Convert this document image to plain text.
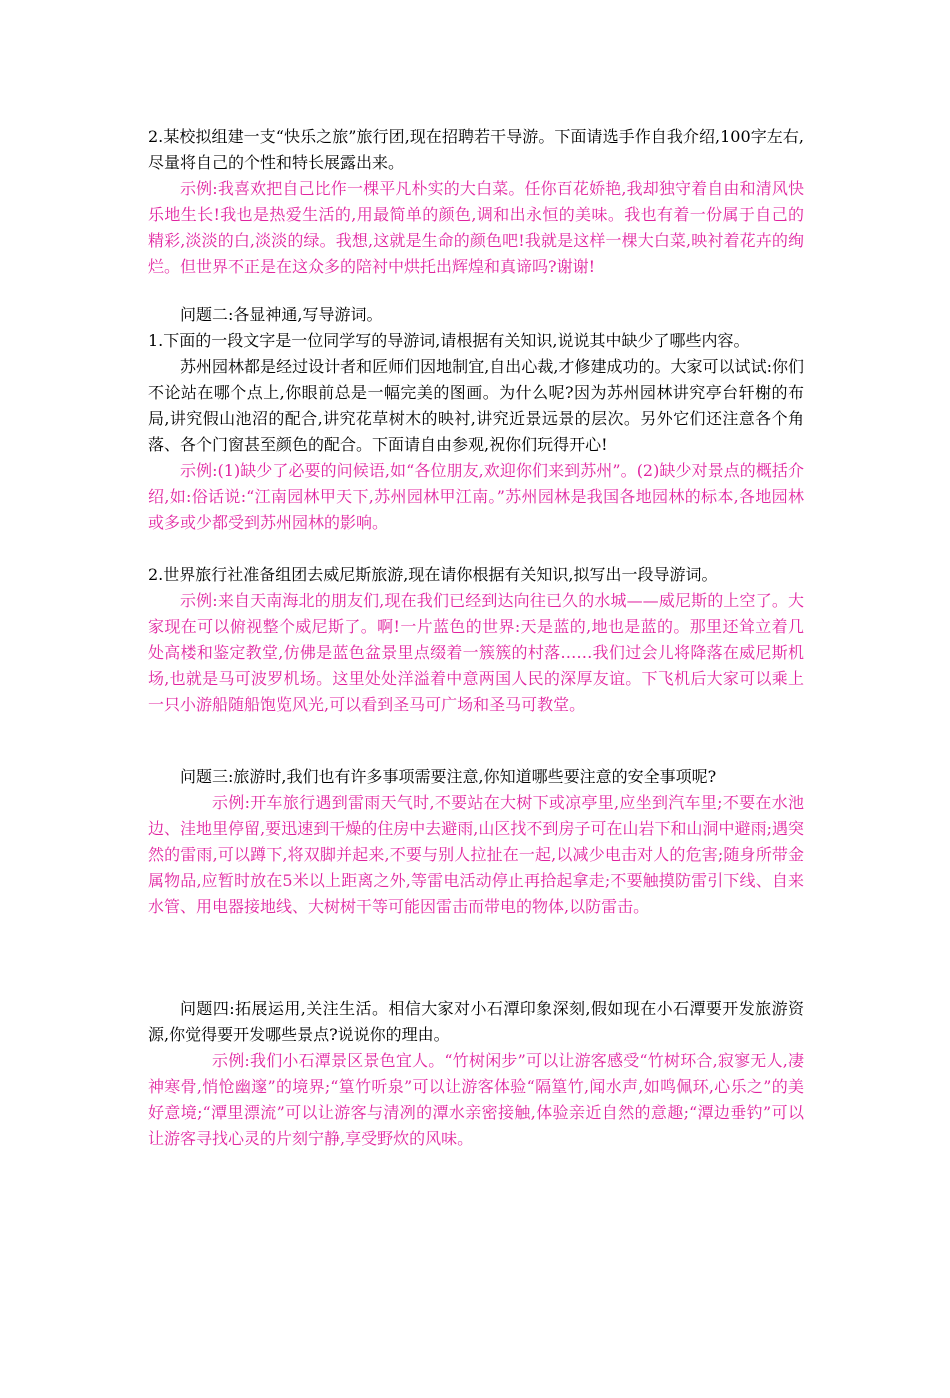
2.某校拟组建一支“快乐之旅”旅行团,现在招聘若干导游。下面请选手作自我介绍,100字左右,尽量将自己的个性和特长展露出来。

示例:我喜欢把自己比作一棵平凡朴实的大白菜。任你百花娇艳,我却独守着自由和清风快乐地生长!我也是热爱生活的,用最简单的颜色,调和出永恒的美味。我也有着一份属于自己的精彩,淡淡的白,淡淡的绿。我想,这就是生命的颜色吧!我就是这样一棵大白菜,映衬着花卉的绚烂。但世界不正是在这众多的陪衬中烘托出辉煌和真谛吗?谢谢!

问题二:各显神通,写导游词。

1.下面的一段文字是一位同学写的导游词,请根据有关知识,说说其中缺少了哪些内容。

苏州园林都是经过设计者和匠师们因地制宜,自出心裁,才修建成功的。大家可以试试:你们不论站在哪个点上,你眼前总是一幅完美的图画。为什么呢?因为苏州园林讲究亭台轩榭的布局,讲究假山池沼的配合,讲究花草树木的映衬,讲究近景远景的层次。另外它们还注意各个角落、各个门窗甚至颜色的配合。下面请自由参观,祝你们玩得开心!

示例:(1)缺少了必要的问候语,如“各位朋友,欢迎你们来到苏州”。(2)缺少对景点的概括介绍,如:俗话说:“江南园林甲天下,苏州园林甲江南。”苏州园林是我国各地园林的标本,各地园林或多或少都受到苏州园林的影响。

2.世界旅行社准备组团去威尼斯旅游,现在请你根据有关知识,拟写出一段导游词。

示例:来自天南海北的朋友们,现在我们已经到达向往已久的水城——威尼斯的上空了。大家现在可以俯视整个威尼斯了。啊!一片蓝色的世界:天是蓝的,地也是蓝的。那里还耸立着几处高楼和鉴定教堂,仿佛是蓝色盆景里点缀着一簇簇的村落……我们过会儿将降落在威尼斯机场,也就是马可波罗机场。这里处处洋溢着中意两国人民的深厚友谊。下飞机后大家可以乘上一只小游船随船饱览风光,可以看到圣马可广场和圣马可教堂。

问题三:旅游时,我们也有许多事项需要注意,你知道哪些要注意的安全事项呢?

示例:开车旅行遇到雷雨天气时,不要站在大树下或凉亭里,应坐到汽车里;不要在水池边、洼地里停留,要迅速到干燥的住房中去避雨,山区找不到房子可在山岩下和山洞中避雨;遇突然的雷雨,可以蹲下,将双脚并起来,不要与别人拉扯在一起,以减少电击对人的危害;随身所带金属物品,应暂时放在5米以上距离之外,等雷电活动停止再拾起拿走;不要触摸防雷引下线、自来水管、用电器接地线、大树树干等可能因雷击而带电的物体,以防雷击。

问题四:拓展运用,关注生活。相信大家对小石潭印象深刻,假如现在小石潭要开发旅游资源,你觉得要开发哪些景点?说说你的理由。

示例:我们小石潭景区景色宜人。“竹树闲步”可以让游客感受“竹树环合,寂寥无人,凄神寒骨,悄怆幽邃”的境界;“篁竹听泉”可以让游客体验“隔篁竹,闻水声,如鸣佩环,心乐之”的美好意境;“潭里漂流”可以让游客与清冽的潭水亲密接触,体验亲近自然的意趣;“潭边垂钓”可以让游客寻找心灵的片刻宁静,享受野炊的风味。
